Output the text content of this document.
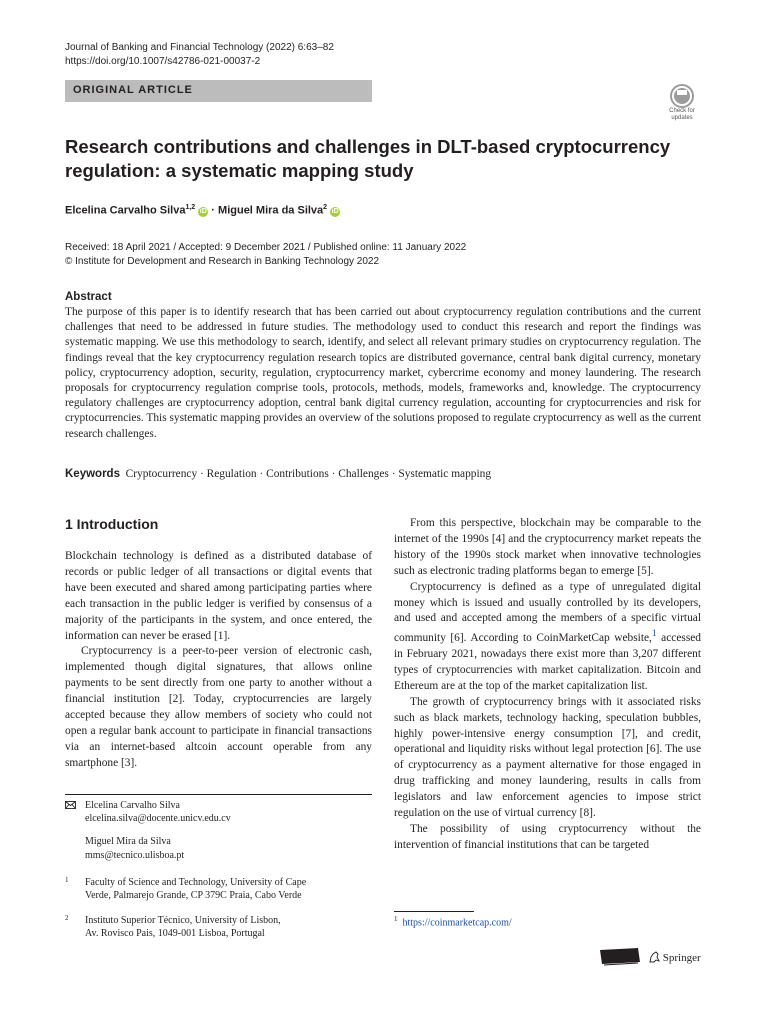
Journal of Banking and Financial Technology (2022) 6:63–82
https://doi.org/10.1007/s42786-021-00037-2
ORIGINAL ARTICLE
Check for updates
Research contributions and challenges in DLT-based cryptocurrency regulation: a systematic mapping study
Elcelina Carvalho Silva$^{1,2}$ iD · Miguel Mira da Silva$^2$ iD
Received: 18 April 2021 / Accepted: 9 December 2021 / Published online: 11 January 2022
© Institute for Development and Research in Banking Technology 2022
Abstract
The purpose of this paper is to identify research that has been carried out about cryptocurrency regulation contributions and the current challenges that need to be addressed in future studies. The methodology used to conduct this research and report the findings was systematic mapping. We use this methodology to search, identify, and select all relevant primary studies on cryptocurrency regulation. The findings reveal that the key cryptocurrency regulation research topics are distributed governance, central bank digital currency, monetary policy, cryptocurrency adoption, security, regulation, cryptocurrency market, cybercrime economy and money laundering. The research proposals for cryptocurrency regulation comprise tools, protocols, methods, models, frameworks and, knowledge. The cryptocurrency regulatory challenges are cryptocurrency adoption, central bank digital currency regulation, accounting for cryptocurrencies and risk for cryptocurrencies. This systematic mapping provides an overview of the solutions proposed to regulate cryptocurrency as well as the current research challenges.
Keywords Cryptocurrency · Regulation · Contributions · Challenges · Systematic mapping
1 Introduction

Blockchain technology is defined as a distributed database of records or public ledger of all transactions or digital events that have been executed and shared among participating parties where each transaction in the public ledger is verified by consensus of a majority of the participants in the system, and once entered, the information can never be erased [1].

Cryptocurrency is a peer-to-peer version of electronic cash, implemented though digital signatures, that allows online payments to be sent directly from one party to another without a financial institution [2]. Today, cryptocurrencies are largely accepted because they allow members of society who could not open a regular bank account to participate in financial transactions via an internet-based altcoin account operable from any smartphone [3].

From this perspective, blockchain may be comparable to the internet of the 1990s [4] and the cryptocurrency market repeats the history of the 1990s stock market when innovative technologies such as electronic trading platforms began to emerge [5].

Cryptocurrency is defined as a type of unregulated digital money which is issued and usually controlled by its developers, and used and accepted among the members of a specific virtual community [6]. According to CoinMarketCap website,$^1$ accessed in February 2021, nowadays there exist more than 3,207 different types of cryptocurrencies with market capitalization. Bitcoin and Ethereum are at the top of the market capitalization list.

The growth of cryptocurrency brings with it associated risks such as black markets, technology hacking, speculation bubbles, highly power-intensive energy consumption [7], and credit, operational and liquidity risks without legal protection [6]. The use of cryptocurrency as a payment alternative for those engaged in drug trafficking and money laundering, results in calls from legislators and law enforcement agencies to impose strict regulation on the use of virtual currency [8].

The possibility of using cryptocurrency without the intervention of financial institutions that can be targeted

Elcelina Carvalho Silva
elcelina.silva@docente.unicv.edu.cv
Miguel Mira da Silva
mms@tecnico.ulisboa.pt
1 Faculty of Science and Technology, University of Cape
Verde, Palmarejo Grande, CP 379C Praia, Cabo Verde
2 Instituto Superior Técnico, University of Lisbon,
Av. Rovisco Pais, 1049-001 Lisboa, Portugal
$^1$ https://coinmarketcap.com/
Springer
